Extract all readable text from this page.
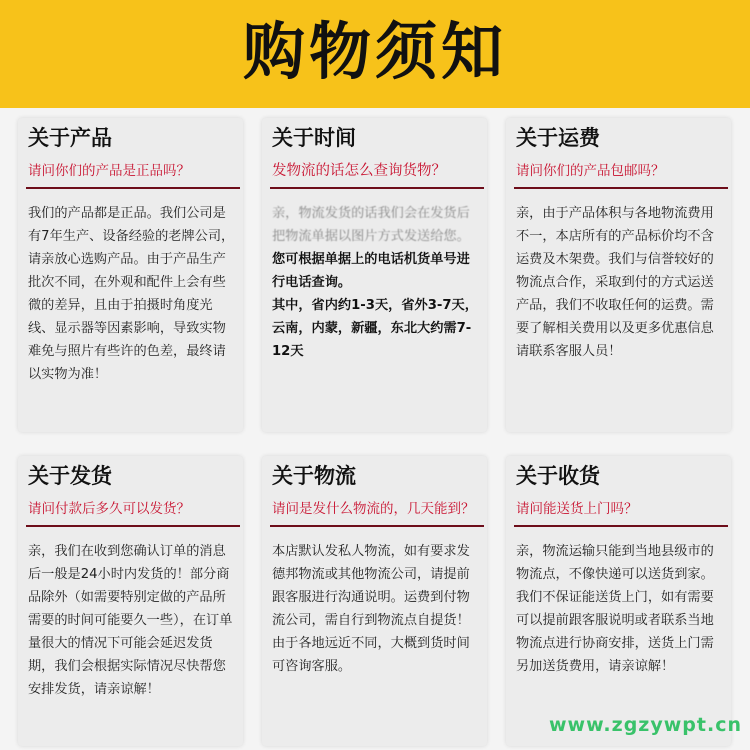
购物须知
关于产品
请问你们的产品是正品吗？
我们的产品都是正品。我们公司是有7年生产、设备经验的老牌公司，请亲放心选购产品。由于产品生产批次不同，在外观和配件上会有些微的差异，且由于拍摄时角度光线、显示器等因素影响，导致实物难免与照片有些许的色差，最终请以实物为准！
关于时间
发物流的话怎么查询货物？
亲，物流发货的话我们会在发货后把物流单据以图片方式发送给您。
您可根据单据上的电话机货单号进行电话查询。
其中，省内约1-3天，省外3-7天，云南，内蒙，新疆，东北大约需7-12天
关于运费
请问你们的产品包邮吗？
亲，由于产品体积与各地物流费用不一，本店所有的产品标价均不含运费及木架费。我们与信誉较好的物流点合作，采取到付的方式运送产品，我们不收取任何的运费。需要了解相关费用以及更多优惠信息请联系客服人员！
关于发货
请问付款后多久可以发货？
亲，我们在收到您确认订单的消息后一般是24小时内发货的！部分商品除外（如需要特别定做的产品所需要的时间可能要久一些），在订单量很大的情况下可能会延迟发货期，我们会根据实际情况尽快帮您安排发货，请亲谅解！
关于物流
请问是发什么物流的，几天能到？
本店默认发私人物流，如有要求发德邦物流或其他物流公司，请提前跟客服进行沟通说明。运费到付物流公司，需自行到物流点自提货！由于各地远近不同，大概到货时间可咨询客服。
关于收货
请问能送货上门吗？
亲，物流运输只能到当地县级市的物流点，不像快递可以送货到家。我们不保证能送货上门，如有需要可以提前跟客服说明或者联系当地物流点进行协商安排，送货上门需另加送货费用，请亲谅解！
www.zgzywpt.cn
